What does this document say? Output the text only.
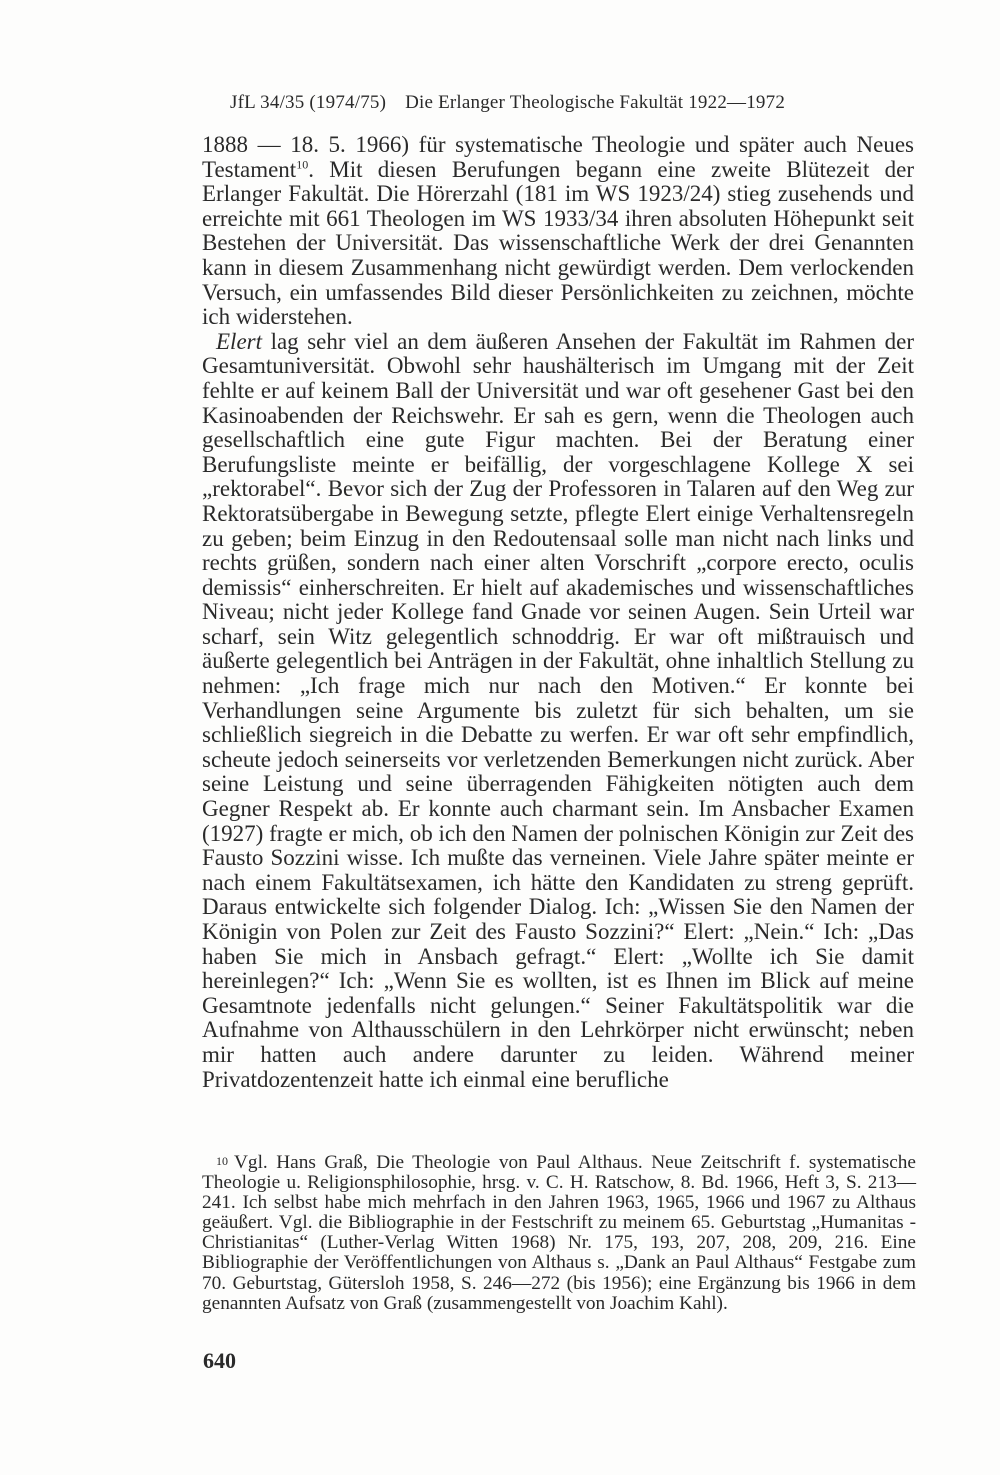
JfL 34/35 (1974/75) Die Erlanger Theologische Fakultät 1922—1972

1888 — 18. 5. 1966) für systematische Theologie und später auch Neues Testament$^{10}$. Mit diesen Berufungen begann eine zweite Blütezeit der Erlanger Fakultät. Die Hörerzahl (181 im WS 1923/24) stieg zusehends und erreichte mit 661 Theologen im WS 1933/34 ihren absoluten Höhepunkt seit Bestehen der Universität. Das wissenschaftliche Werk der drei Genannten kann in diesem Zusammenhang nicht gewürdigt werden. Dem verlockenden Versuch, ein umfassendes Bild dieser Persönlichkeiten zu zeichnen, möchte ich widerstehen.

Elert lag sehr viel an dem äußeren Ansehen der Fakultät im Rahmen der Gesamtuniversität. Obwohl sehr haushälterisch im Umgang mit der Zeit fehlte er auf keinem Ball der Universität und war oft gesehener Gast bei den Kasinoabenden der Reichswehr. Er sah es gern, wenn die Theologen auch gesellschaftlich eine gute Figur machten. Bei der Beratung einer Berufungsliste meinte er beifällig, der vorgeschlagene Kollege X sei „rektorabel“. Bevor sich der Zug der Professoren in Talaren auf den Weg zur Rektoratsübergabe in Bewegung setzte, pflegte Elert einige Verhaltensregeln zu geben; beim Einzug in den Redoutensaal solle man nicht nach links und rechts grüßen, sondern nach einer alten Vorschrift „corpore erecto, oculis demissis“ einherschreiten. Er hielt auf akademisches und wissenschaftliches Niveau; nicht jeder Kollege fand Gnade vor seinen Augen. Sein Urteil war scharf, sein Witz gelegentlich schnoddrig. Er war oft mißtrauisch und äußerte gelegentlich bei Anträgen in der Fakultät, ohne inhaltlich Stellung zu nehmen: „Ich frage mich nur nach den Motiven.“ Er konnte bei Verhandlungen seine Argumente bis zuletzt für sich behalten, um sie schließlich siegreich in die Debatte zu werfen. Er war oft sehr empfindlich, scheute jedoch seinerseits vor verletzenden Bemerkungen nicht zurück. Aber seine Leistung und seine überragenden Fähigkeiten nötigten auch dem Gegner Respekt ab. Er konnte auch charmant sein. Im Ansbacher Examen (1927) fragte er mich, ob ich den Namen der polnischen Königin zur Zeit des Fausto Sozzini wisse. Ich mußte das verneinen. Viele Jahre später meinte er nach einem Fakultätsexamen, ich hätte den Kandidaten zu streng geprüft. Daraus entwickelte sich folgender Dialog. Ich: „Wissen Sie den Namen der Königin von Polen zur Zeit des Fausto Sozzini?“ Elert: „Nein.“ Ich: „Das haben Sie mich in Ansbach gefragt.“ Elert: „Wollte ich Sie damit hereinlegen?“ Ich: „Wenn Sie es wollten, ist es Ihnen im Blick auf meine Gesamtnote jedenfalls nicht gelungen.“ Seiner Fakultätspolitik war die Aufnahme von Althausschülern in den Lehrkörper nicht erwünscht; neben mir hatten auch andere darunter zu leiden. Während meiner Privatdozentenzeit hatte ich einmal eine berufliche

10 Vgl. Hans Graß, Die Theologie von Paul Althaus. Neue Zeitschrift f. systematische Theologie u. Religionsphilosophie, hrsg. v. C. H. Ratschow, 8. Bd. 1966, Heft 3, S. 213—241. Ich selbst habe mich mehrfach in den Jahren 1963, 1965, 1966 und 1967 zu Althaus geäußert. Vgl. die Bibliographie in der Festschrift zu meinem 65. Geburtstag „Humanitas - Christianitas“ (Luther-Verlag Witten 1968) Nr. 175, 193, 207, 208, 209, 216. Eine Bibliographie der Veröffentlichungen von Althaus s. „Dank an Paul Althaus“ Festgabe zum 70. Geburtstag, Gütersloh 1958, S. 246—272 (bis 1956); eine Ergänzung bis 1966 in dem genannten Aufsatz von Graß (zusammengestellt von Joachim Kahl).
640
